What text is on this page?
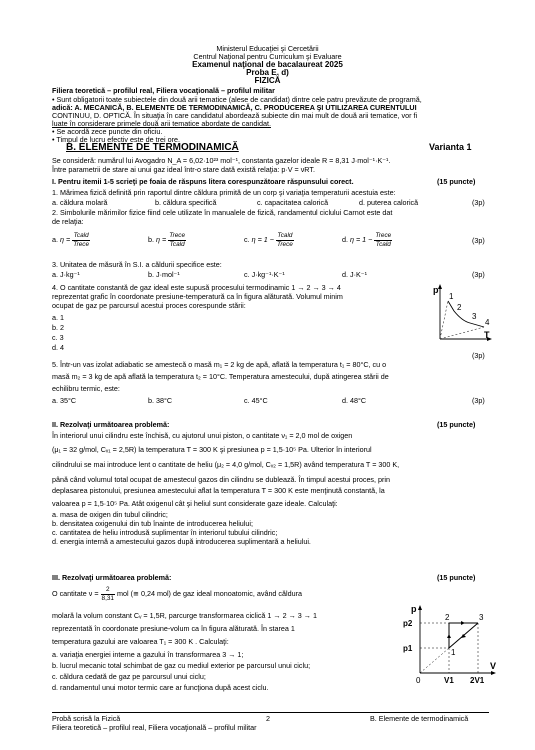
Ministerul Educaţiei şi Cercetării
Centrul Naţional pentru Curriculum şi Evaluare
Examenul naţional de bacalaureat 2025
Proba E. d)
FIZICĂ
Filiera teoretică – profilul real, Filiera vocaţională – profilul militar
• Sunt obligatorii toate subiectele din două arii tematice (alese de candidat) dintre cele patru prevăzute de programă,
adică: A. MECANICĂ, B. ELEMENTE DE TERMODINAMICĂ, C. PRODUCEREA ŞI UTILIZAREA CURENTULUI
CONTINUU, D. OPTICĂ. În situaţia în care candidatul abordează subiecte din mai mult de două arii tematice, vor fi
luate în considerare primele două arii tematice abordate de candidat.
• Se acordă zece puncte din oficiu.
• Timpul de lucru efectiv este de trei ore.
B. ELEMENTE DE TERMODINAMICĂ	Varianta 1
Se consideră: numărul lui Avogadro N_A = 6,02·10²³ mol⁻¹, constanta gazelor ideale R = 8,31 J·mol⁻¹·K⁻¹.
Între parametrii de stare ai unui gaz ideal într-o stare dată există relaţia: p·V = νRT.
I. Pentru itemii 1-5 scrieţi pe foaia de răspuns litera corespunzătoare răspunsului corect.	(15 puncte)
1. Mărimea fizică definită prin raportul dintre căldura primită de un corp şi variaţia temperaturii acestuia este:
a. căldura molară	b. căldura specifică	c. capacitatea calorică	d. puterea calorică	(3p)
2. Simbolurile mărimilor fizice fiind cele utilizate în manualele de fizică, randamentul ciclului Carnot este dat
de relaţia:
a. η = Tcald
Trece
b. η = Trece
Tcald
c. η = 1 − Tcald
Trece
d. η = 1 − Trece
Tcald	(3p)
3. Unitatea de măsură în S.I. a căldurii specifice este:
a. J·kg⁻¹	b. J·mol⁻¹	c. J·kg⁻¹·K⁻¹	d. J·K⁻¹	(3p)
4. O cantitate constantă de gaz ideal este supusă procesului termodinamic 1 → 2 → 3 → 4
reprezentat grafic în coordonate presiune-temperatură ca în figura alăturată. Volumul minim
ocupat de gaz pe parcursul acestui proces corespunde stării:
a. 1
b. 2
c. 3
d. 4
(3p)
p
T
1
2
3
4
5. Într-un vas izolat adiabatic se amestecă o masă m₁ = 2 kg de apă, aflată la temperatura t₁ = 80°C, cu o
masă m₂ = 3 kg de apă aflată la temperatura t₂ = 10°C. Temperatura amestecului, după atingerea stării de
echilibru termic, este:
a. 35°C	b. 38°C	c. 45°C	d. 48°C	(3p)
II. Rezolvaţi următoarea problemă:	(15 puncte)
În interiorul unui cilindru este închisă, cu ajutorul unui piston, o cantitate ν₁ = 2,0 mol de oxigen
(μ₁ = 32 g/mol, Cᵥ₁ = 2,5R) la temperatura T = 300 K şi presiunea p = 1,5·10⁵ Pa. Ulterior în interiorul
cilindrului se mai introduce lent o cantitate de heliu (μ₂ = 4,0 g/mol, Cᵥ₂ = 1,5R) având temperatura T = 300 K,
până când volumul total ocupat de amestecul gazos din cilindru se dublează. În timpul acestui proces, prin
deplasarea pistonului, presiunea amestecului aflat la temperatura T = 300 K este menţinută constantă, la
valoarea p = 1,5·10⁵ Pa. Atât oxigenul cât şi heliul sunt considerate gaze ideale. Calculaţi:
a. masa de oxigen din tubul cilindric;
b. densitatea oxigenului din tub înainte de introducerea heliului;
c. cantitatea de heliu introdusă suplimentar în interiorul tubului cilindric;
d. energia internă a amestecului gazos după introducerea suplimentară a heliului.
III. Rezolvaţi următoarea problemă:	(15 puncte)
O cantitate $\nu = \frac{2}{8,31}$ mol (≅ 0,24 mol) de gaz ideal monoatomic, având căldura
molară la volum constant Cᵥ = 1,5R, parcurge transformarea ciclică 1 → 2 → 3 → 1
reprezentată în coordonate presiune-volum ca în figura alăturată. În starea 1
temperatura gazului are valoarea T₁ = 300 K . Calculaţi:
a. variaţia energiei interne a gazului în transformarea 3 → 1;
b. lucrul mecanic total schimbat de gaz cu mediul exterior pe parcursul unui ciclu;
c. căldura cedată de gaz pe parcursul unui ciclu;
d. randamentul unui motor termic care ar funcţiona după acest ciclu.
p
V
p2
p1
0	V1 2V1
1
2	3
Probă scrisă la Fizică	2	B. Elemente de termodinamică
Filiera teoretică – profilul real, Filiera vocaţională – profilul militar
